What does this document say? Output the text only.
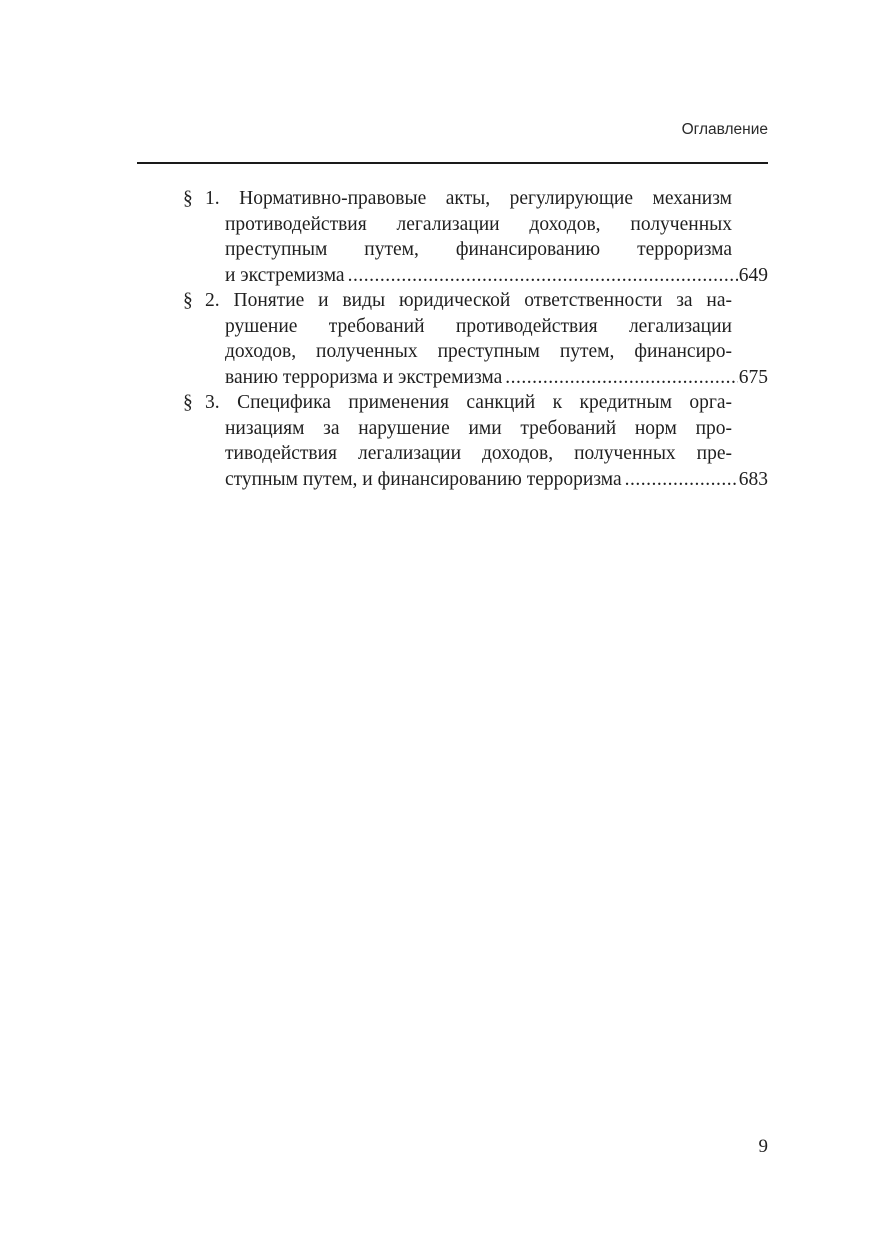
Оглавление
§ 1. Нормативно-правовые акты, регулирующие механизм
противодействия легализации доходов, полученных
преступным путем, финансированию терроризма
и экстремизма .....	649
§ 2. Понятие и виды юридической ответственности за на-
рушение требований противодействия легализации
доходов, полученных преступным путем, финансиро-
ванию терроризма и экстремизма .....	675
§ 3. Специфика применения санкций к кредитным орга-
низациям за нарушение ими требований норм про-
тиводействия легализации доходов, полученных пре-
ступным путем, и финансированию терроризма .....	683
9
